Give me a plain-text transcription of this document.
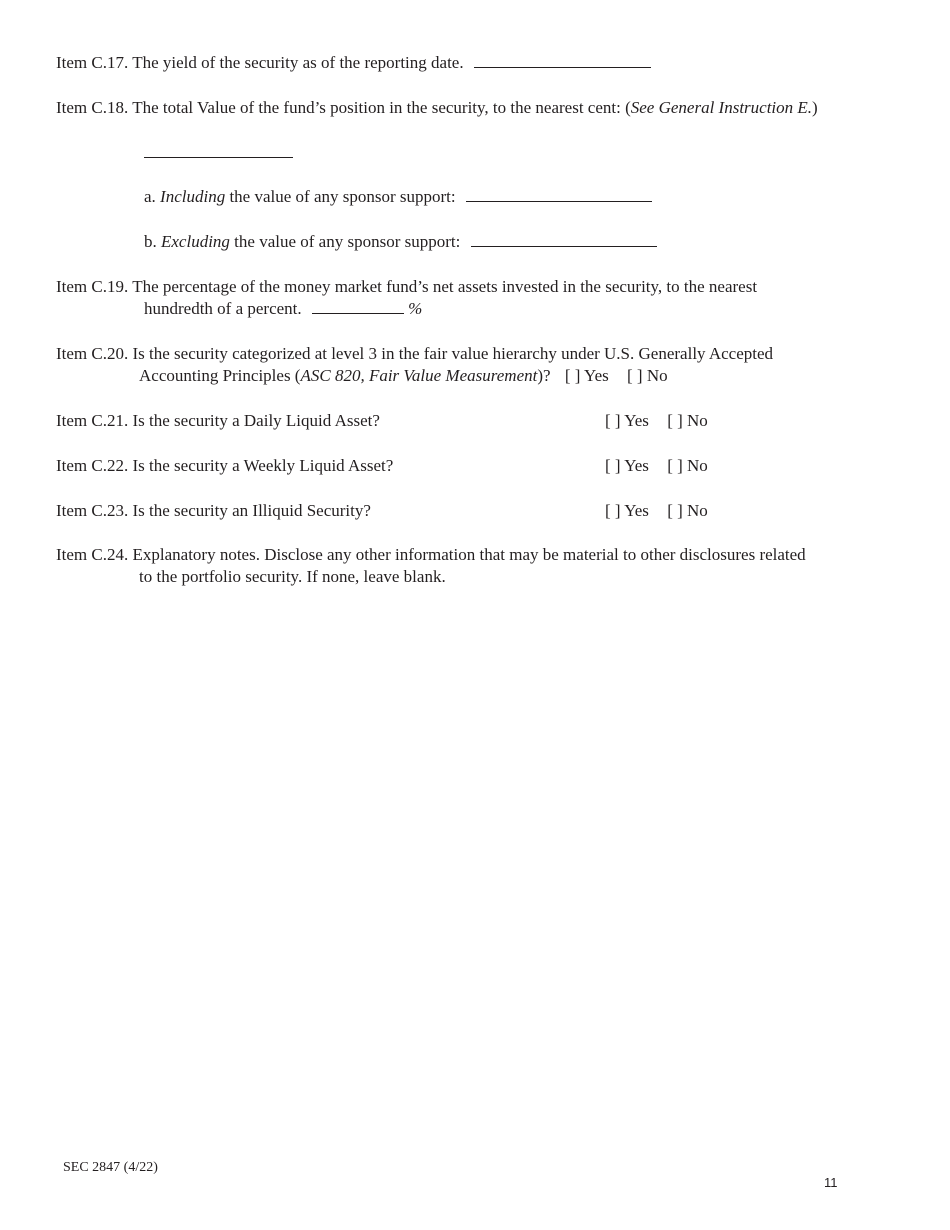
Item C.17. The yield of the security as of the reporting date.
Item C.18. The total Value of the fund’s position in the security, to the nearest cent: (See General Instruction E.)
a. Including the value of any sponsor support:
b. Excluding the value of any sponsor support:
Item C.19. The percentage of the money market fund’s net assets invested in the security, to the nearest
hundredth of a percent.	%
Item C.20. Is the security categorized at level 3 in the fair value hierarchy under U.S. Generally Accepted
Accounting Principles (ASC 820, Fair Value Measurement)? [ ] Yes [ ] No
Item C.21. Is the security a Daily Liquid Asset?	[ ] Yes [ ] No
Item C.22. Is the security a Weekly Liquid Asset?	[ ] Yes [ ] No
Item C.23. Is the security an Illiquid Security?	[ ] Yes [ ] No
Item C.24. Explanatory notes. Disclose any other information that may be material to other disclosures related
to the portfolio security. If none, leave blank.
SEC 2847 (4/22)
11
